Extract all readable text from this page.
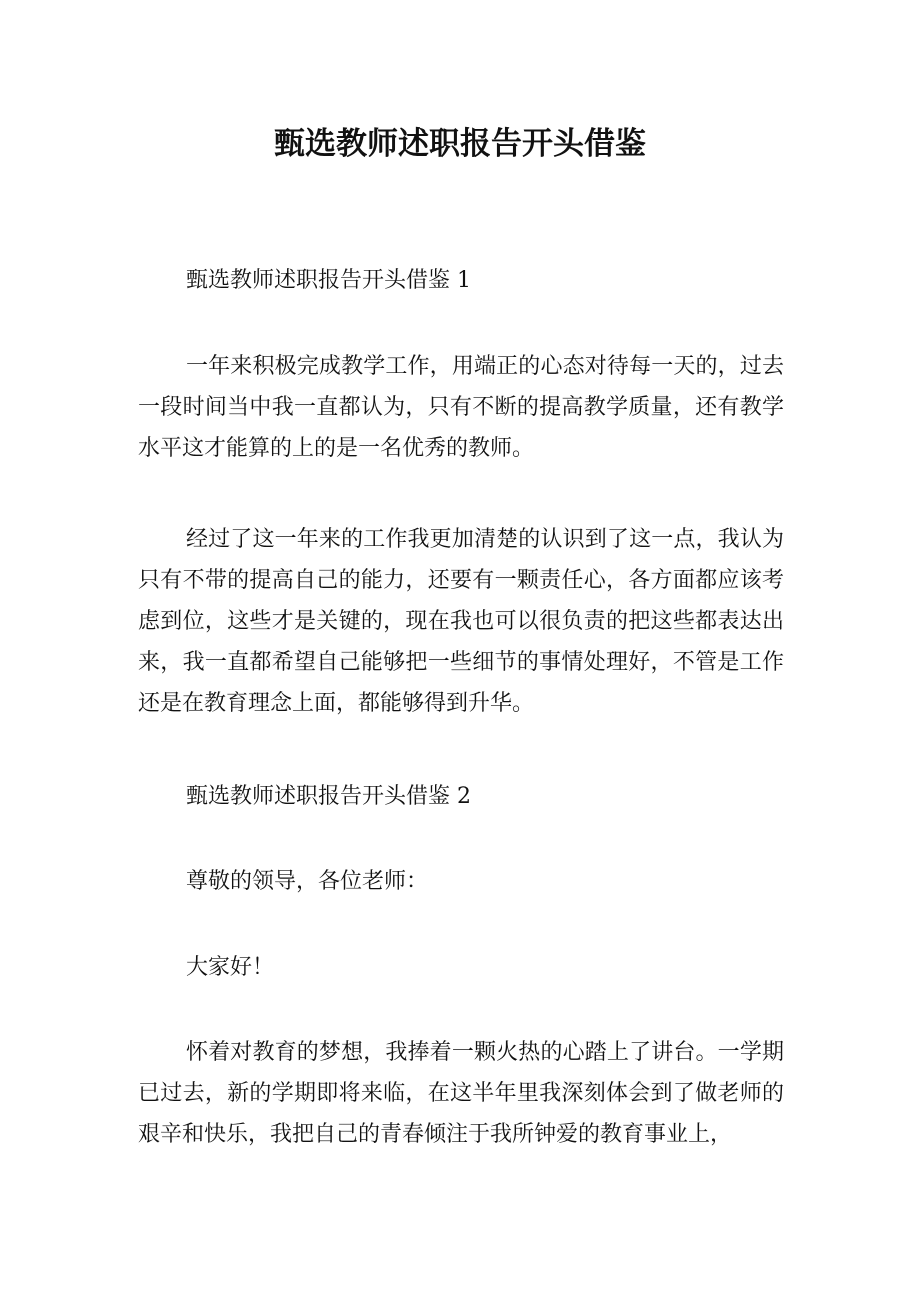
甄选教师述职报告开头借鉴
甄选教师述职报告开头借鉴 1
一年来积极完成教学工作，用端正的心态对待每一天的，过去一段时间当中我一直都认为，只有不断的提高教学质量，还有教学水平这才能算的上的是一名优秀的教师。
经过了这一年来的工作我更加清楚的认识到了这一点，我认为只有不带的提高自己的能力，还要有一颗责任心，各方面都应该考虑到位，这些才是关键的，现在我也可以很负责的把这些都表达出来，我一直都希望自己能够把一些细节的事情处理好，不管是工作还是在教育理念上面，都能够得到升华。
甄选教师述职报告开头借鉴 2
尊敬的领导，各位老师：
大家好！
怀着对教育的梦想，我捧着一颗火热的心踏上了讲台。一学期已过去，新的学期即将来临，在这半年里我深刻体会到了做老师的艰辛和快乐，我把自己的青春倾注于我所钟爱的教育事业上，
